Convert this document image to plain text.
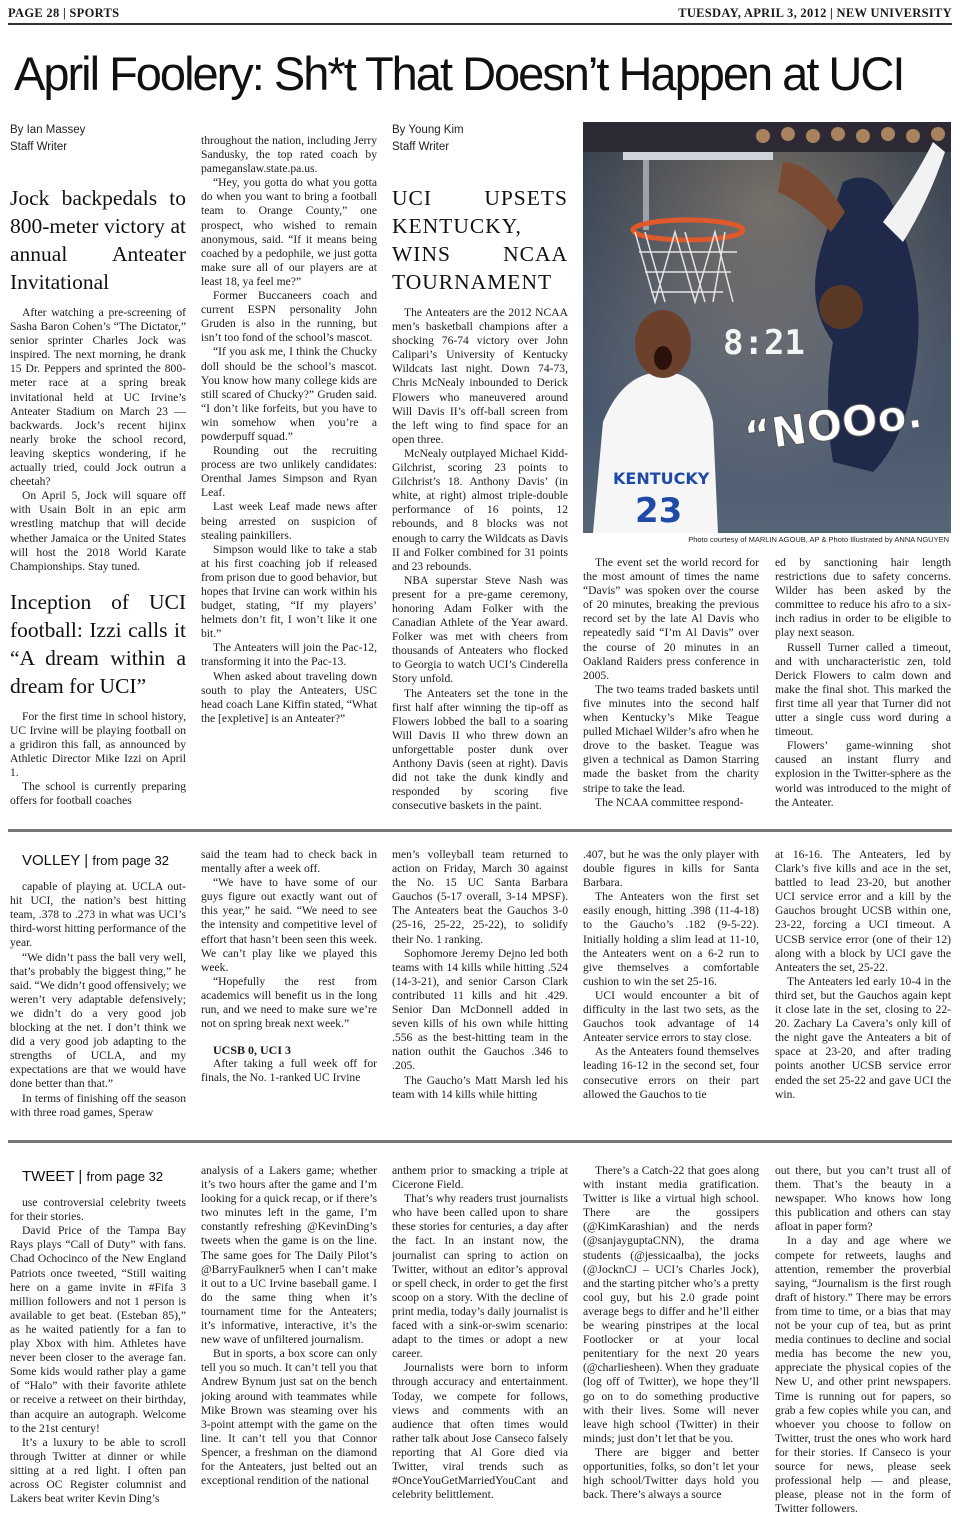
PAGE 28 | SPORTS	TUESDAY, APRIL 3, 2012 | NEW UNIVERSITY
April Foolery: Sh*t That Doesn’t Happen at UCI
By Ian Massey
Staff Writer
Jock backpedals to 800-meter victory at annual Anteater Invitational

After watching a pre-screening of Sasha Baron Cohen’s “The Dictator,” senior sprinter Charles Jock was inspired. The next morning, he drank 15 Dr. Peppers and sprinted the 800-meter race at a spring break invitational held at UC Irvine’s Anteater Stadium on March 23 — backwards. Jock’s recent hijinx nearly broke the school record, leaving skeptics wondering, if he actually tried, could Jock outrun a cheetah?

On April 5, Jock will square off with Usain Bolt in an epic arm wrestling matchup that will decide whether Jamaica or the United States will host the 2018 World Karate Championships. Stay tuned.

Inception of UCI football: Izzi calls it “A dream within a dream for UCI”

For the first time in school history, UC Irvine will be playing football on a gridiron this fall, as announced by Athletic Director Mike Izzi on April 1.

The school is currently preparing offers for football coaches

throughout the nation, including Jerry Sandusky, the top rated coach by pameganslaw.state.pa.us.

“Hey, you gotta do what you gotta do when you want to bring a football team to Orange County,” one prospect, who wished to remain anonymous, said. “If it means being coached by a pedophile, we just gotta make sure all of our players are at least 18, ya feel me?”

Former Buccaneers coach and current ESPN personality John Gruden is also in the running, but isn’t too fond of the school’s mascot.

“If you ask me, I think the Chucky doll should be the school’s mascot. You know how many college kids are still scared of Chucky?” Gruden said. “I don’t like forfeits, but you have to win somehow when you’re a powderpuff squad.”

Rounding out the recruiting process are two unlikely candidates: Orenthal James Simpson and Ryan Leaf.

Last week Leaf made news after being arrested on suspicion of stealing painkillers.

Simpson would like to take a stab at his first coaching job if released from prison due to good behavior, but hopes that Irvine can work within his budget, stating, “If my players’ helmets don’t fit, I won’t like it one bit.”

The Anteaters will join the Pac-12, transforming it into the Pac-13.

When asked about traveling down south to play the Anteaters, USC head coach Lane Kiffin stated, “What the [expletive] is an Anteater?”

By Young Kim
Staff Writer
UCI UPSETS KENTUCKY, WINS NCAA TOURNAMENT

The Anteaters are the 2012 NCAA men’s basketball champions after a shocking 76-74 victory over John Calipari’s University of Kentucky Wildcats last night. Down 74-73, Chris McNealy inbounded to Derick Flowers who maneuvered around Will Davis II’s off-ball screen from the left wing to find space for an open three.

McNealy outplayed Michael Kidd-Gilchrist, scoring 23 points to Gilchrist’s 18. Anthony Davis’ (in white, at right) almost triple-double performance of 16 points, 12 rebounds, and 8 blocks was not enough to carry the Wildcats as Davis II and Folker combined for 31 points and 23 rebounds.

NBA superstar Steve Nash was present for a pre-game ceremony, honoring Adam Folker with the Canadian Athlete of the Year award. Folker was met with cheers from thousands of Anteaters who flocked to Georgia to watch UCI’s Cinderella Story unfold.

The Anteaters set the tone in the first half after winning the tip-off as Flowers lobbed the ball to a soaring Will Davis II who threw down an unforgettable poster dunk over Anthony Davis (seen at right). Davis did not take the dunk kindly and responded by scoring five consecutive baskets in the paint.

8:21
KENTUCKY
23
“NOOo.
Photo courtesy of MARLIN AGOUB, AP & Photo Illustrated by ANNA NGUYEN

The event set the world record for the most amount of times the name “Davis” was spoken over the course of 20 minutes, breaking the previous record set by the late Al Davis who repeatedly said “I’m Al Davis” over the course of 20 minutes in an Oakland Raiders press conference in 2005.

The two teams traded baskets until five minutes into the second half when Kentucky’s Mike Teague pulled Michael Wilder’s afro when he drove to the basket. Teague was given a technical as Damon Starring made the basket from the charity stripe to take the lead.

The NCAA committee respond-

ed by sanctioning hair length restrictions due to safety concerns. Wilder has been asked by the committee to reduce his afro to a six-inch radius in order to be eligible to play next season.

Russell Turner called a timeout, and with uncharacteristic zen, told Derick Flowers to calm down and make the final shot. This marked the first time all year that Turner did not utter a single cuss word during a timeout.

Flowers’ game-winning shot caused an instant flurry and explosion in the Twitter-sphere as the world was introduced to the might of the Anteater.

VOLLEY | from page 32

capable of playing at. UCLA out-hit UCI, the nation’s best hitting team, .378 to .273 in what was UCI’s third-worst hitting performance of the year.

“We didn’t pass the ball very well, that’s probably the biggest thing,” he said. “We didn’t good offensively; we weren’t very adaptable defensively; we didn’t do a very good job blocking at the net. I don’t think we did a very good job adapting to the strengths of UCLA, and my expectations are that we would have done better than that.”

In terms of finishing off the season with three road games, Speraw

said the team had to check back in mentally after a week off.

“We have to have some of our guys figure out exactly want out of this year,” he said. “We need to see the intensity and competitive level of effort that hasn’t been seen this week. We can’t play like we played this week.

“Hopefully the rest from academics will benefit us in the long run, and we need to make sure we’re not on spring break next week.”

UCSB 0, UCI 3

After taking a full week off for finals, the No. 1-ranked UC Irvine

men’s volleyball team returned to action on Friday, March 30 against the No. 15 UC Santa Barbara Gauchos (5-17 overall, 3-14 MPSF). The Anteaters beat the Gauchos 3-0 (25-16, 25-22, 25-22), to solidify their No. 1 ranking.

Sophomore Jeremy Dejno led both teams with 14 kills while hitting .524 (14-3-21), and senior Carson Clark contributed 11 kills and hit .429. Senior Dan McDonnell added in seven kills of his own while hitting .556 as the best-hitting team in the nation outhit the Gauchos .346 to .205.

The Gaucho’s Matt Marsh led his team with 14 kills while hitting

.407, but he was the only player with double figures in kills for Santa Barbara.

The Anteaters won the first set easily enough, hitting .398 (11-4-18) to the Gaucho’s .182 (9-5-22). Initially holding a slim lead at 11-10, the Anteaters went on a 6-2 run to give themselves a comfortable cushion to win the set 25-16.

UCI would encounter a bit of difficulty in the last two sets, as the Gauchos took advantage of 14 Anteater service errors to stay close.

As the Anteaters found themselves leading 16-12 in the second set, four consecutive errors on their part allowed the Gauchos to tie

at 16-16. The Anteaters, led by Clark’s five kills and ace in the set, battled to lead 23-20, but another UCI service error and a kill by the Gauchos brought UCSB within one, 23-22, forcing a UCI timeout. A UCSB service error (one of their 12) along with a block by UCI gave the Anteaters the set, 25-22.

The Anteaters led early 10-4 in the third set, but the Gauchos again kept it close late in the set, closing to 22-20. Zachary La Cavera’s only kill of the night gave the Anteaters a bit of space at 23-20, and after trading points another UCSB service error ended the set 25-22 and gave UCI the win.

TWEET | from page 32

use controversial celebrity tweets for their stories.

David Price of the Tampa Bay Rays plays “Call of Duty” with fans. Chad Ochocinco of the New England Patriots once tweeted, “Still waiting here on a game invite in #Fifa 3 million followers and not 1 person is available to get beat. (Esteban 85),” as he waited patiently for a fan to play Xbox with him. Athletes have never been closer to the average fan. Some kids would rather play a game of “Halo” with their favorite athlete or receive a retweet on their birthday, than acquire an autograph. Welcome to the 21st century!

It’s a luxury to be able to scroll through Twitter at dinner or while sitting at a red light. I often pan across OC Register columnist and Lakers beat writer Kevin Ding’s

analysis of a Lakers game; whether it’s two hours after the game and I’m looking for a quick recap, or if there’s two minutes left in the game, I’m constantly refreshing @KevinDing’s tweets when the game is on the line. The same goes for The Daily Pilot’s @BarryFaulkner5 when I can’t make it out to a UC Irvine baseball game. I do the same thing when it’s tournament time for the Anteaters; it’s informative, interactive, it’s the new wave of unfiltered journalism.

But in sports, a box score can only tell you so much. It can’t tell you that Andrew Bynum just sat on the bench joking around with teammates while Mike Brown was steaming over his 3-point attempt with the game on the line. It can’t tell you that Connor Spencer, a freshman on the diamond for the Anteaters, just belted out an exceptional rendition of the national

anthem prior to smacking a triple at Cicerone Field.

That’s why readers trust journalists who have been called upon to share these stories for centuries, a day after the fact. In an instant now, the journalist can spring to action on Twitter, without an editor’s approval or spell check, in order to get the first scoop on a story. With the decline of print media, today’s daily journalist is faced with a sink-or-swim scenario: adapt to the times or adopt a new career.

Journalists were born to inform through accuracy and entertainment. Today, we compete for follows, views and comments with an audience that often times would rather talk about Jose Canseco falsely reporting that Al Gore died via Twitter, viral trends such as #OnceYouGetMarriedYouCant and celebrity belittlement.

There’s a Catch-22 that goes along with instant media gratification. Twitter is like a virtual high school. There are the gossipers (@KimKarashian) and the nerds (@sanjayguptaCNN), the drama students (@jessicaalba), the jocks (@JocknCJ – UCI’s Charles Jock), and the starting pitcher who’s a pretty cool guy, but his 2.0 grade point average begs to differ and he’ll either be wearing pinstripes at the local Footlocker or at your local penitentiary for the next 20 years (@charliesheen). When they graduate (log off of Twitter), we hope they’ll go on to do something productive with their lives. Some will never leave high school (Twitter) in their minds; just don’t let that be you.

There are bigger and better opportunities, folks, so don’t let your high school/Twitter days hold you back. There’s always a source

out there, but you can’t trust all of them. That’s the beauty in a newspaper. Who knows how long this publication and others can stay afloat in paper form?

In a day and age where we compete for retweets, laughs and attention, remember the proverbial saying, “Journalism is the first rough draft of history.” There may be errors from time to time, or a bias that may not be your cup of tea, but as print media continues to decline and social media has become the new you, appreciate the physical copies of the New U, and other print newspapers. Time is running out for papers, so grab a few copies while you can, and whoever you choose to follow on Twitter, trust the ones who work hard for their stories. If Canseco is your source for news, please seek professional help — and please, please, please not in the form of Twitter followers.
